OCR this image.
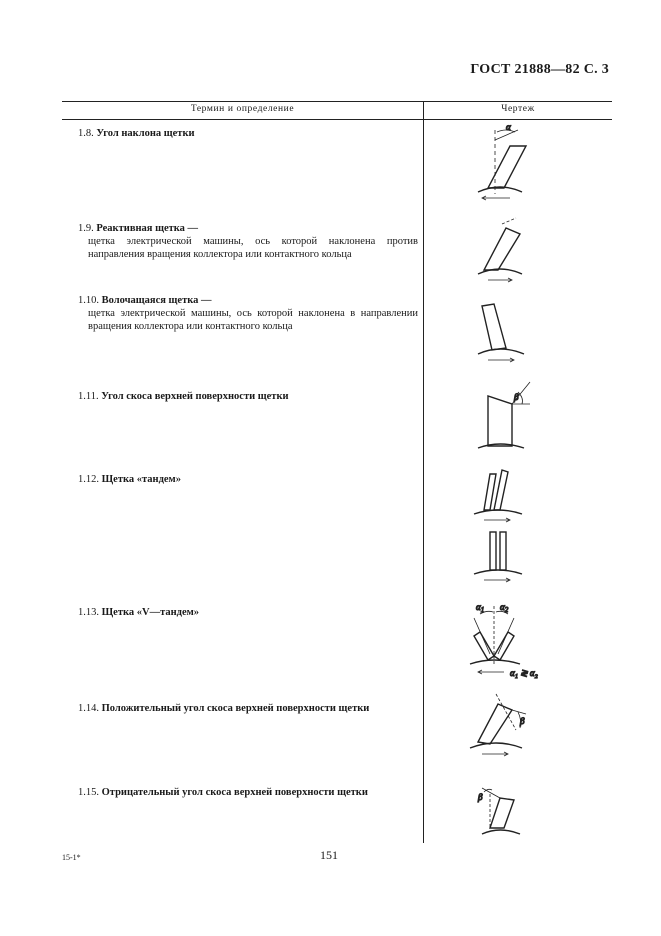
ГОСТ 21888—82 С. 3
Термин и определение	Чертеж
1.8. Угол наклона щетки
1.9. Реактивная щетка —
щетка электрической машины, ось которой наклонена против направления вращения коллектора или контактного кольца
1.10. Волочащаяся щетка —
щетка электрической машины, ось которой наклонена в направлении вращения коллектора или контактного кольца
1.11. Угол скоса верхней поверхности щетки
1.12. Щетка «тандем»
1.13. Щетка «V—тандем»
1.14. Положительный угол скоса верхней поверхности щетки
1.15. Отрицательный угол скоса верхней поверхности щетки
α
β
$\alpha_1$ $\alpha_2$
α₁ ≷ α₂
β
β
15-1*	151
